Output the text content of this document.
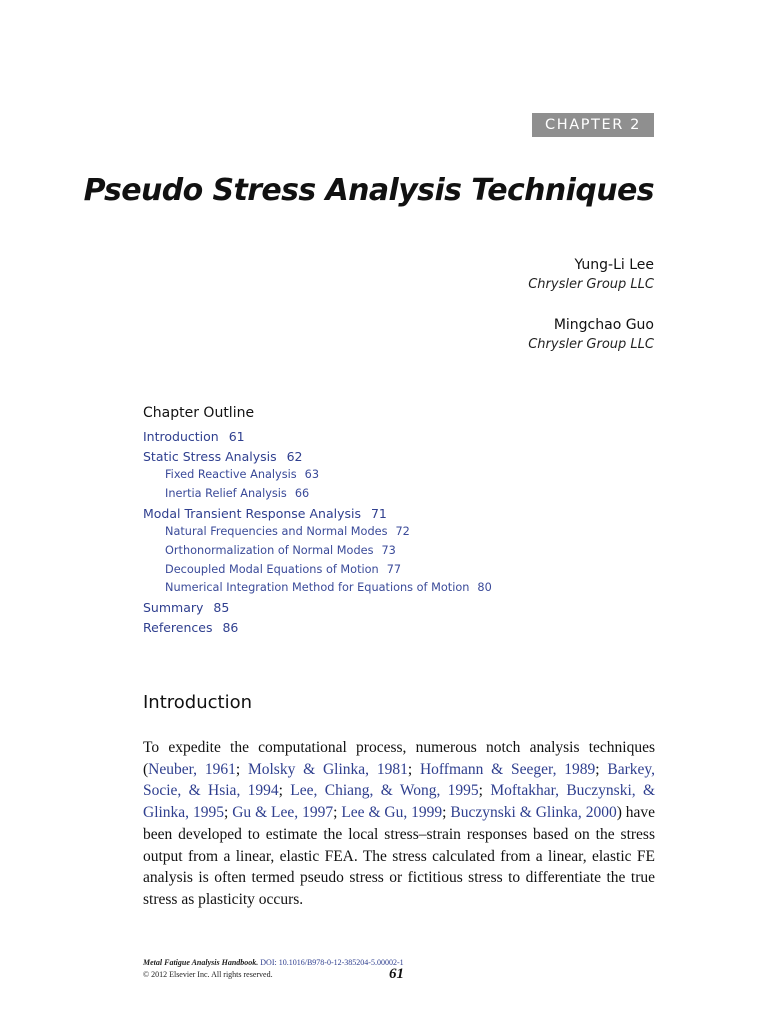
CHAPTER 2
Pseudo Stress Analysis Techniques
Yung-Li Lee
Chrysler Group LLC
Mingchao Guo
Chrysler Group LLC
Chapter Outline
Introduction 61
Static Stress Analysis 62
Fixed Reactive Analysis 63
Inertia Relief Analysis 66
Modal Transient Response Analysis 71
Natural Frequencies and Normal Modes 72
Orthonormalization of Normal Modes 73
Decoupled Modal Equations of Motion 77
Numerical Integration Method for Equations of Motion 80
Summary 85
References 86
Introduction

To expedite the computational process, numerous notch analysis techniques (Neuber, 1961; Molsky & Glinka, 1981; Hoffmann & Seeger, 1989; Barkey, Socie, & Hsia, 1994; Lee, Chiang, & Wong, 1995; Moftakhar, Buczynski, & Glinka, 1995; Gu & Lee, 1997; Lee & Gu, 1999; Buczynski & Glinka, 2000) have been developed to estimate the local stress–strain responses based on the stress output from a linear, elastic FEA. The stress calculated from a linear, elastic FE analysis is often termed pseudo stress or fictitious stress to differentiate the true stress as plasticity occurs.

Metal Fatigue Analysis Handbook. DOI: 10.1016/B978-0-12-385204-5.00002-1
© 2012 Elsevier Inc. All rights reserved.	61
